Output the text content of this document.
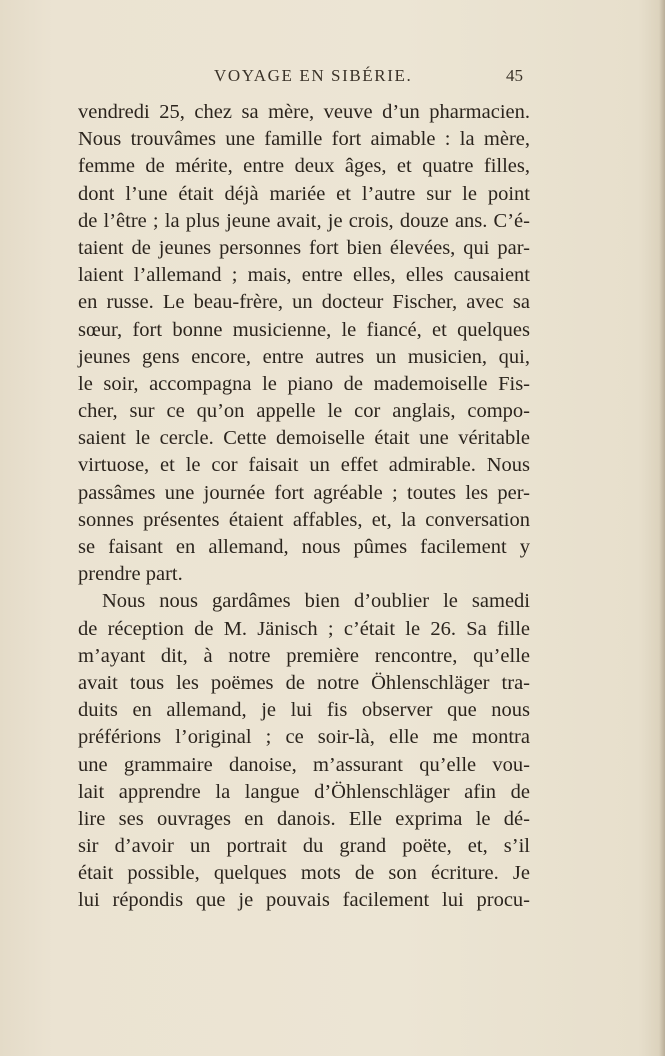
VOYAGE EN SIBÉRIE.	45
vendredi 25, chez sa mère, veuve d’un pharmacien.
Nous trouvâmes une famille fort aimable : la mère,
femme de mérite, entre deux âges, et quatre filles,
dont l’une était déjà mariée et l’autre sur le point
de l’être ; la plus jeune avait, je crois, douze ans. C’é-
taient de jeunes personnes fort bien élevées, qui par-
laient l’allemand ; mais, entre elles, elles causaient
en russe. Le beau-frère, un docteur Fischer, avec sa
sœur, fort bonne musicienne, le fiancé, et quelques
jeunes gens encore, entre autres un musicien, qui,
le soir, accompagna le piano de mademoiselle Fis-
cher, sur ce qu’on appelle le cor anglais, compo-
saient le cercle. Cette demoiselle était une véritable
virtuose, et le cor faisait un effet admirable. Nous
passâmes une journée fort agréable ; toutes les per-
sonnes présentes étaient affables, et, la conversation
se faisant en allemand, nous pûmes facilement y
prendre part.
Nous nous gardâmes bien d’oublier le samedi
de réception de M. Jänisch ; c’était le 26. Sa fille
m’ayant dit, à notre première rencontre, qu’elle
avait tous les poëmes de notre Öhlenschläger tra-
duits en allemand, je lui fis observer que nous
préférions l’original ; ce soir-là, elle me montra
une grammaire danoise, m’assurant qu’elle vou-
lait apprendre la langue d’Öhlenschläger afin de
lire ses ouvrages en danois. Elle exprima le dé-
sir d’avoir un portrait du grand poëte, et, s’il
était possible, quelques mots de son écriture. Je
lui répondis que je pouvais facilement lui procu-
